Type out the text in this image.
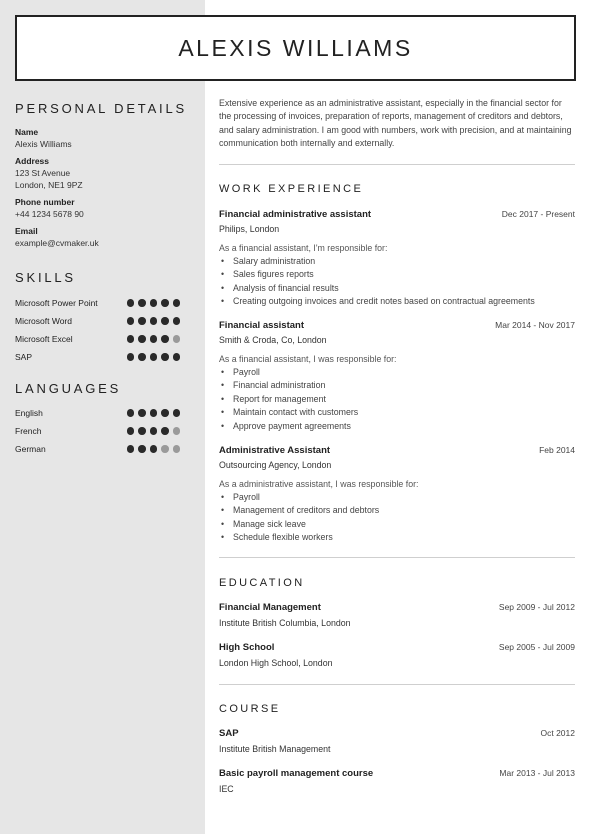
ALEXIS WILLIAMS
PERSONAL DETAILS
Name
Alexis Williams
Address
123 St Avenue
London, NE1 9PZ
Phone number
+44 1234 5678 90
Email
example@cvmaker.uk
SKILLS
Microsoft Power Point
Microsoft Word
Microsoft Excel
SAP
LANGUAGES
English
French
German
Extensive experience as an administrative assistant, especially in the financial sector for the processing of invoices, preparation of reports, management of creditors and debtors, and salary administration. I am good with numbers, work with precision, and at maintaining communication both internally and externally.
WORK EXPERIENCE
Financial administrative assistant	Dec 2017 - Present
Philips, London
As a financial assistant, I'm responsible for:
• Salary administration
• Sales figures reports
• Analysis of financial results
• Creating outgoing invoices and credit notes based on contractual agreements
Financial assistant	Mar 2014 - Nov 2017
Smith & Croda, Co, London
As a financial assistant, I was responsible for:
• Payroll
• Financial administration
• Report for management
• Maintain contact with customers
• Approve payment agreements
Administrative Assistant	Feb 2014
Outsourcing Agency, London
As a administrative assistant, I was responsible for:
• Payroll
• Management of creditors and debtors
• Manage sick leave
• Schedule flexible workers
EDUCATION
Financial Management	Sep 2009 - Jul 2012
Institute British Columbia, London
High School	Sep 2005 - Jul 2009
London High School, London
COURSE
SAP	Oct 2012
Institute British Management
Basic payroll management course	Mar 2013 - Jul 2013
IEC
